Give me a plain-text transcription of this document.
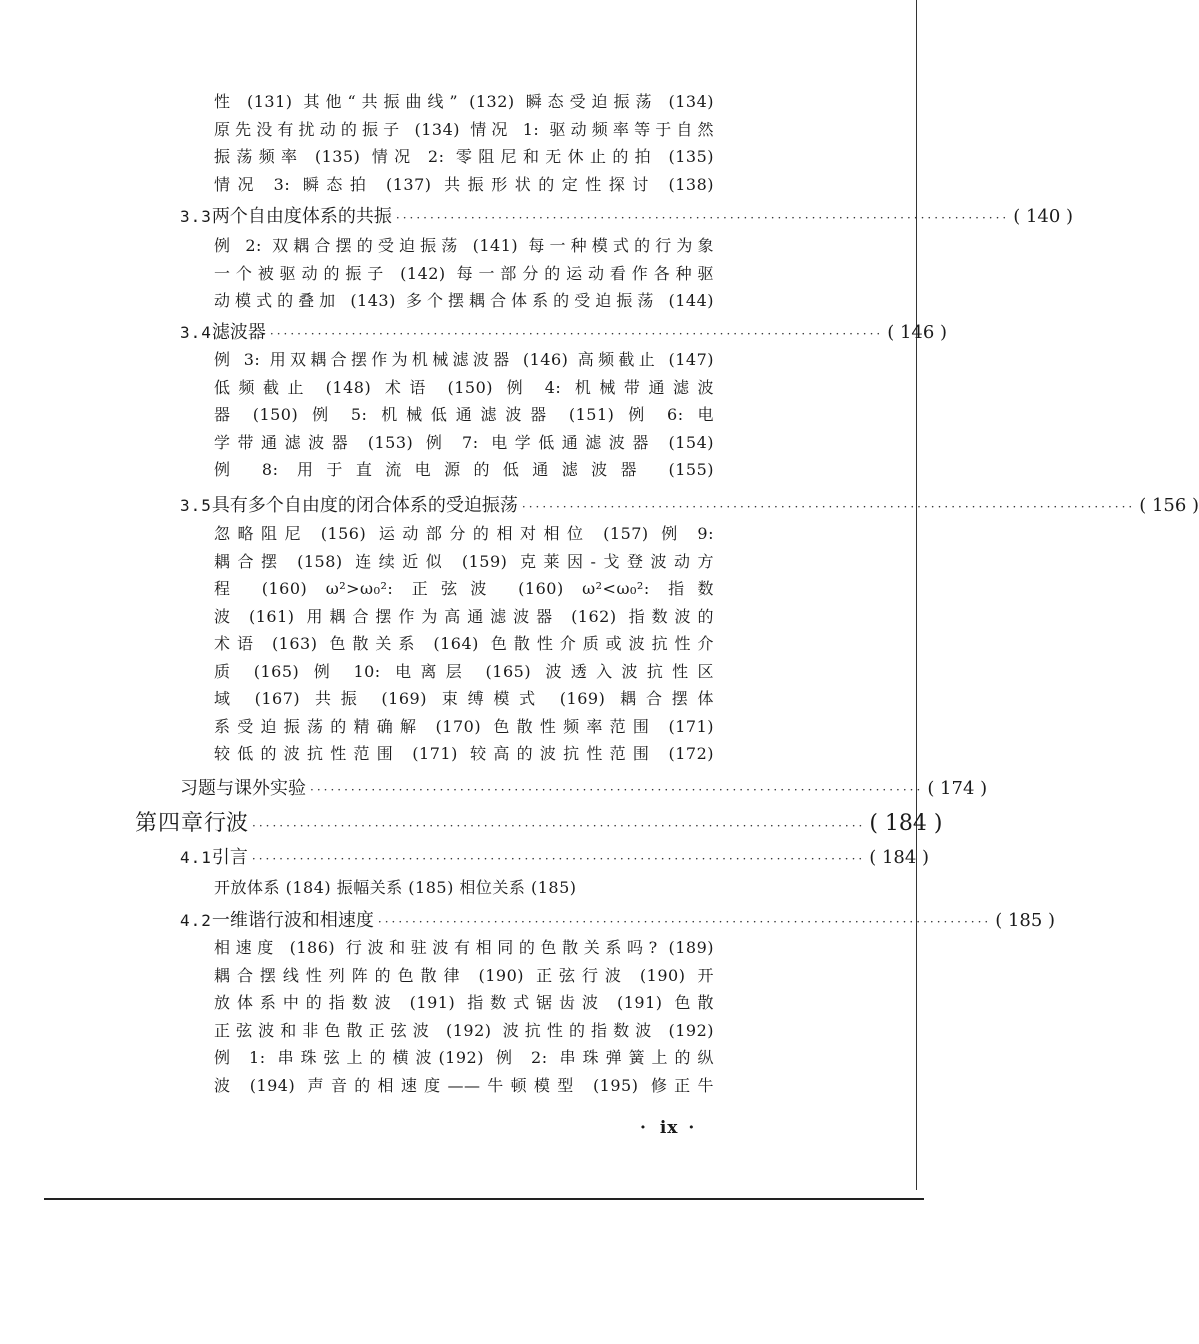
性 (131) 其他“共振曲线” (132) 瞬态受迫振荡 (134)
原先没有扰动的振子 (134) 情况 1: 驱动频率等于自然
振荡频率 (135) 情况 2: 零阻尼和无休止的拍 (135)
情况 3: 瞬态拍 (137) 共振形状的定性探讨 (138)
3.3 两个自由度体系的共振 ·························································································· ( 140 )
例 2: 双耦合摆的受迫振荡 (141) 每一种模式的行为象
一个被驱动的振子 (142) 每一部分的运动看作各种驱
动模式的叠加 (143) 多个摆耦合体系的受迫振荡 (144)
3.4 滤波器 ·························································································· ( 146 )
例 3: 用双耦合摆作为机械滤波器 (146) 高频截止 (147)
低频截止 (148) 术语 (150) 例 4: 机械带通滤波
器 (150) 例 5: 机械低通滤波器 (151) 例 6: 电
学带通滤波器 (153) 例 7: 电学低通滤波器 (154)
例 8: 用于直流电源的低通滤波器 (155)
3.5 具有多个自由度的闭合体系的受迫振荡 ·························································································· ( 156 )
忽略阻尼 (156) 运动部分的相对相位 (157) 例 9:
耦合摆 (158) 连续近似 (159) 克莱因-戈登波动方
程 (160) ω²>ω₀²: 正弦波 (160) ω²<ω₀²: 指数
波 (161) 用耦合摆作为高通滤波器 (162) 指数波的
术语 (163) 色散关系 (164) 色散性介质或波抗性介
质 (165) 例 10: 电离层 (165) 波透入波抗性区
域 (167) 共振 (169) 束缚模式 (169) 耦合摆体
系受迫振荡的精确解 (170) 色散性频率范围 (171)
较低的波抗性范围 (171) 较高的波抗性范围 (172)
习题与课外实验 ·························································································· ( 174 )
第四章 行波 ·························································································· ( 184 )
4.1 引言 ·························································································· ( 184 )
开放体系 (184) 振幅关系 (185) 相位关系 (185)
4.2 一维谐行波和相速度 ·························································································· ( 185 )
相速度 (186) 行波和驻波有相同的色散关系吗? (189)
耦合摆线性列阵的色散律 (190) 正弦行波 (190) 开
放体系中的指数波 (191) 指数式锯齿波 (191) 色散
正弦波和非色散正弦波 (192) 波抗性的指数波 (192)
例 1: 串珠弦上的横波(192) 例 2: 串珠弹簧上的纵
波 (194) 声音的相速度——牛顿模型 (195) 修正牛
· ix ·
